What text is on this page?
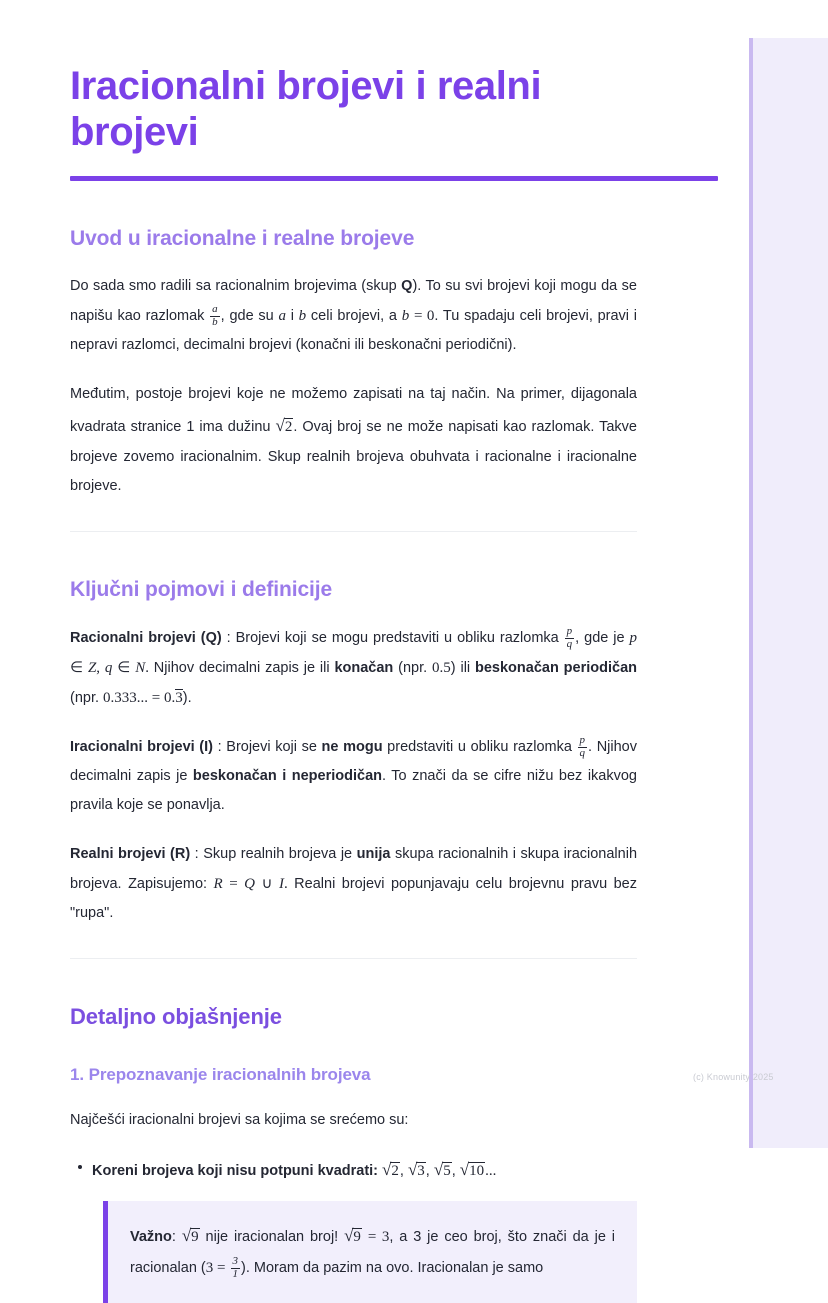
Iracionalni brojevi i realni brojevi
Uvod u iracionalne i realne brojeve

Do sada smo radili sa racionalnim brojevima (skup Q). To su svi brojevi koji mogu da se napišu kao razlomak $\frac{a}{b}$ , gde su a i b celi brojevi, a b = 0. Tu spadaju celi brojevi, pravi i nepravi razlomci, decimalni brojevi (konačni ili beskonačni periodični).

Međutim, postoje brojevi koje ne možemo zapisati na taj način. Na primer, dijagonala kvadrata stranice 1 ima dužinu √2. Ovaj broj se ne može napisati kao razlomak. Takve brojeve zovemo iracionalnim. Skup realnih brojeva obuhvata i racionalne i iracionalne brojeve.

Ključni pojmovi i definicije

Racionalni brojevi (Q) : Brojevi koji se mogu predstaviti u obliku razlomka $\frac{p}{q}$ , gde je p ∈ Z, q ∈ N. Njihov decimalni zapis je ili konačan (npr. 0.5) ili beskonačan periodičan (npr. 0.333... = 0.3).

Iracionalni brojevi (I) : Brojevi koji se ne mogu predstaviti u obliku razlomka $\frac{p}{q}$ . Njihov decimalni zapis je beskonačan i neperiodičan. To znači da se cifre nižu bez ikakvog pravila koje se ponavlja.

Realni brojevi (R) : Skup realnih brojeva je unija skupa racionalnih i skupa iracionalnih brojeva. Zapisujemo: R = Q ∪ I. Realni brojevi popunjavaju celu brojevnu pravu bez "rupa".

Detaljno objašnjenje
1. Prepoznavanje iracionalnih brojeva

Najčešći iracionalni brojevi sa kojima se srećemo su:

Koreni brojeva koji nisu potpuni kvadrati: √2, √3, √5, √10...

Važno: √9 nije iracionalan broj! √9 = 3, a 3 je ceo broj, što znači da je i racionalan ($3 = \frac{3}{1}$ ). Moram da pazim na ovo. Iracionalan je samo

(c) Knowunity 2025
